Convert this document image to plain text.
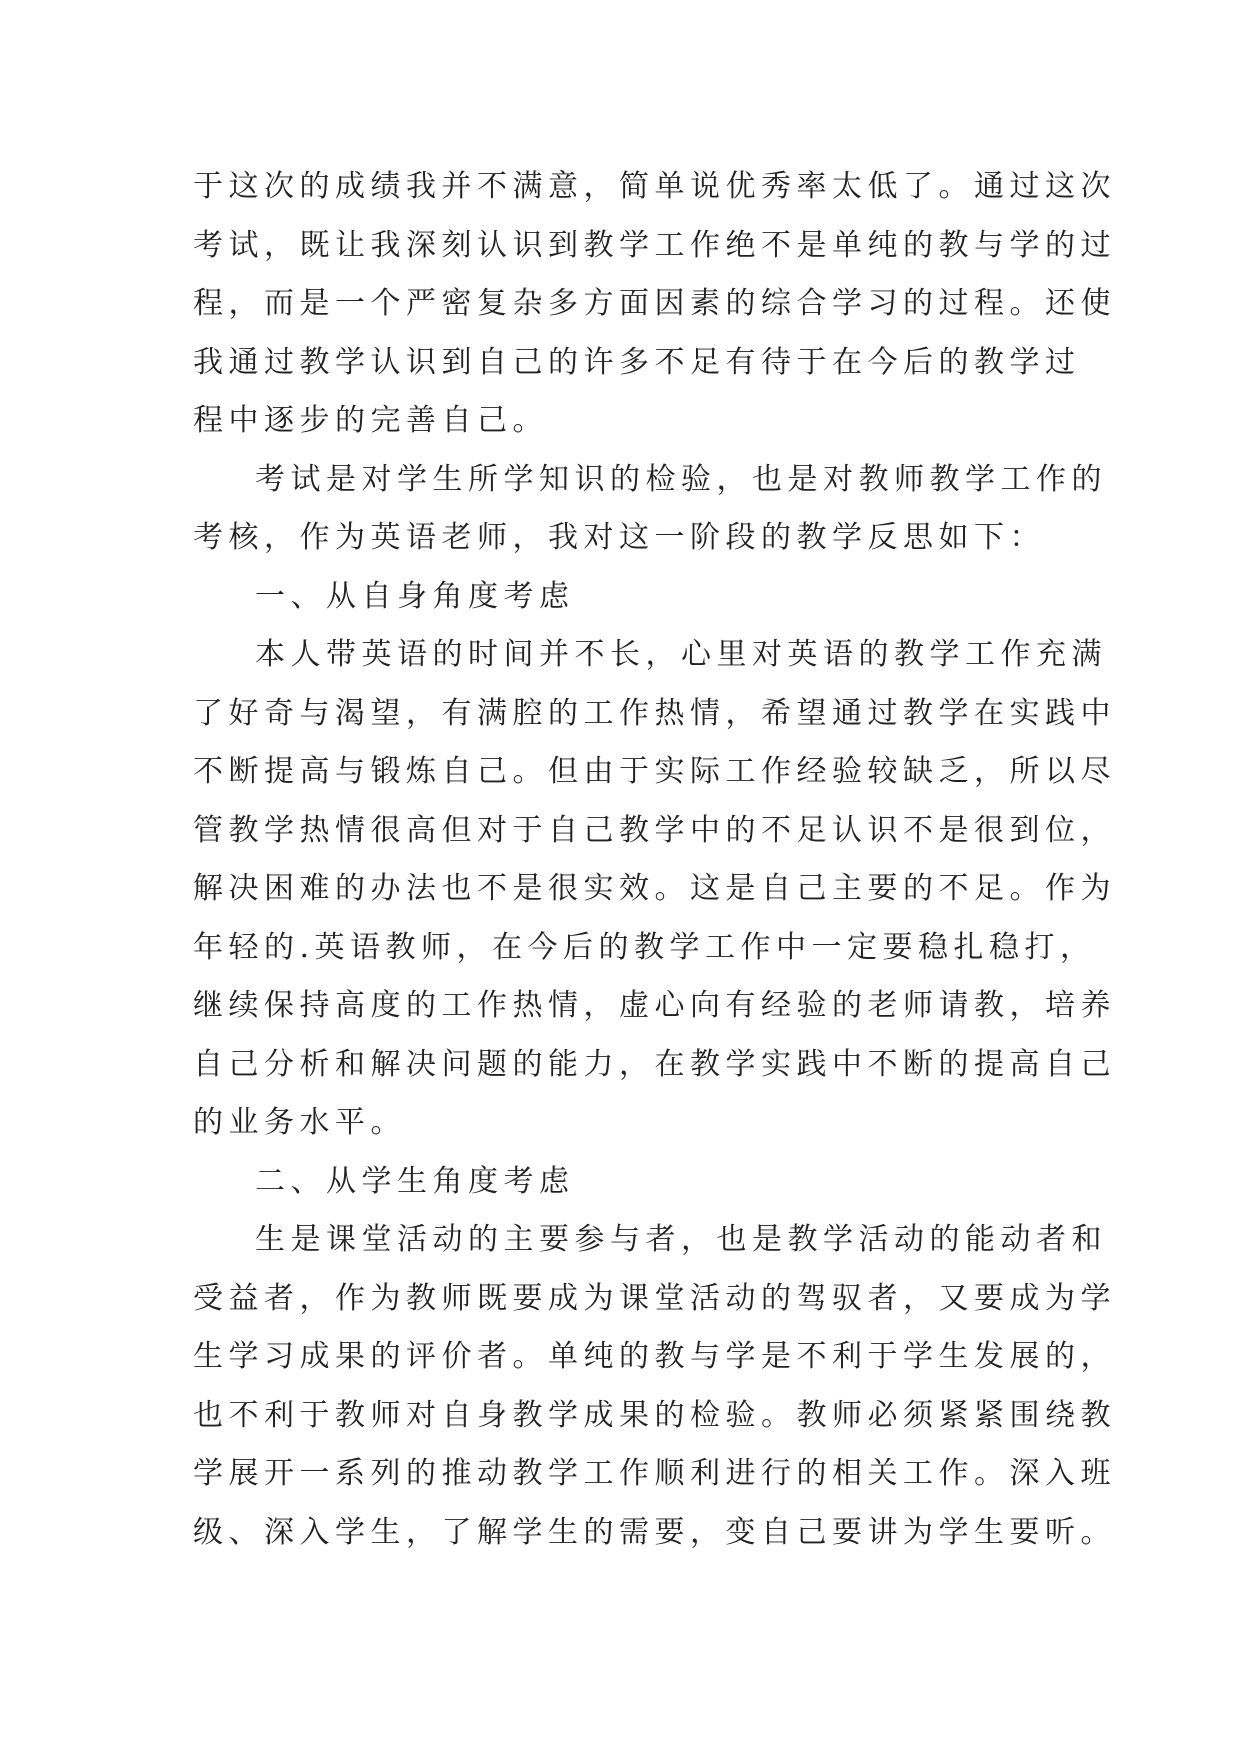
于这次的成绩我并不满意，简单说优秀率太低了。通过这次
考试，既让我深刻认识到教学工作绝不是单纯的教与学的过
程，而是一个严密复杂多方面因素的综合学习的过程。还使
我通过教学认识到自己的许多不足有待于在今后的教学过
程中逐步的完善自己。
考试是对学生所学知识的检验，也是对教师教学工作的
考核，作为英语老师，我对这一阶段的教学反思如下：
一、从自身角度考虑
本人带英语的时间并不长，心里对英语的教学工作充满
了好奇与渴望，有满腔的工作热情，希望通过教学在实践中
不断提高与锻炼自己。但由于实际工作经验较缺乏，所以尽
管教学热情很高但对于自己教学中的不足认识不是很到位，
解决困难的办法也不是很实效。这是自己主要的不足。作为
年轻的.英语教师，在今后的教学工作中一定要稳扎稳打，
继续保持高度的工作热情，虚心向有经验的老师请教，培养
自己分析和解决问题的能力，在教学实践中不断的提高自己
的业务水平。
二、从学生角度考虑
生是课堂活动的主要参与者，也是教学活动的能动者和
受益者，作为教师既要成为课堂活动的驾驭者，又要成为学
生学习成果的评价者。单纯的教与学是不利于学生发展的，
也不利于教师对自身教学成果的检验。教师必须紧紧围绕教
学展开一系列的推动教学工作顺利进行的相关工作。深入班
级、深入学生，了解学生的需要，变自己要讲为学生要听。
